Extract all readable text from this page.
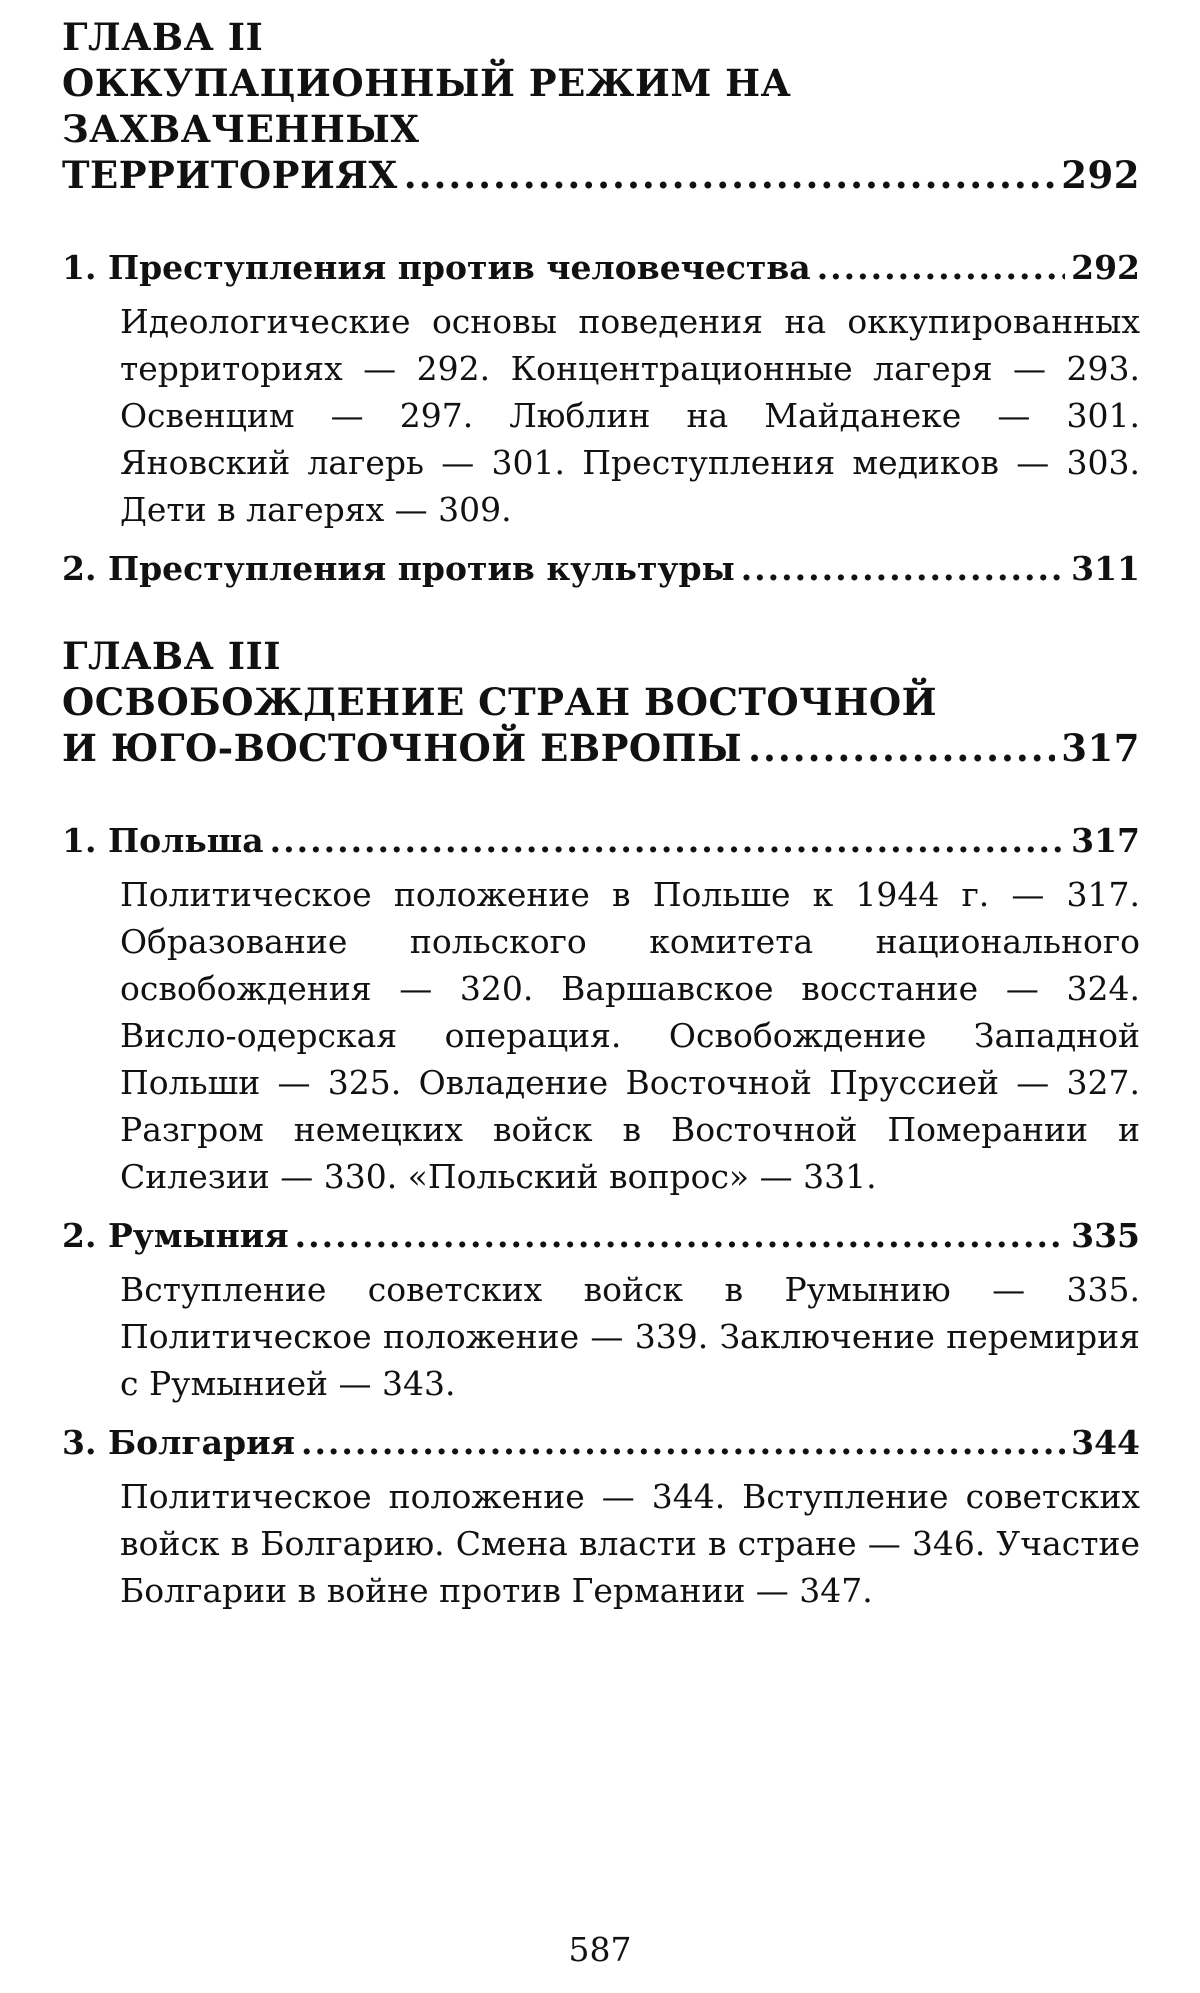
ГЛАВА II
ОККУПАЦИОННЫЙ РЕЖИМ НА ЗАХВАЧЕННЫХ
ТЕРРИТОРИЯХ .....	292
1. Преступления против человечества .....	292
Идеологические основы поведения на оккупированных территориях — 292. Концентрационные лагеря — 293. Освенцим — 297. Люблин на Майданеке — 301. Яновский лагерь — 301. Преступления медиков — 303. Дети в лагерях — 309.
2. Преступления против культуры .....	311
ГЛАВА III
ОСВОБОЖДЕНИЕ СТРАН ВОСТОЧНОЙ
И ЮГО-ВОСТОЧНОЙ ЕВРОПЫ .....	317
1. Польша .....	317
Политическое положение в Польше к 1944 г. — 317. Образование польского комитета национального освобождения — 320. Варшавское восстание — 324. Висло-одерская операция. Освобождение Западной Польши — 325. Овладение Восточной Пруссией — 327. Разгром немецких войск в Восточной Померании и Силезии — 330. «Польский вопрос» — 331.
2. Румыния .....	335
Вступление советских войск в Румынию — 335. Политическое положение — 339. Заключение перемирия с Румынией — 343.
3. Болгария .....	344
Политическое положение — 344. Вступление советских войск в Болгарию. Смена власти в стране — 346. Участие Болгарии в войне против Германии — 347.
587
